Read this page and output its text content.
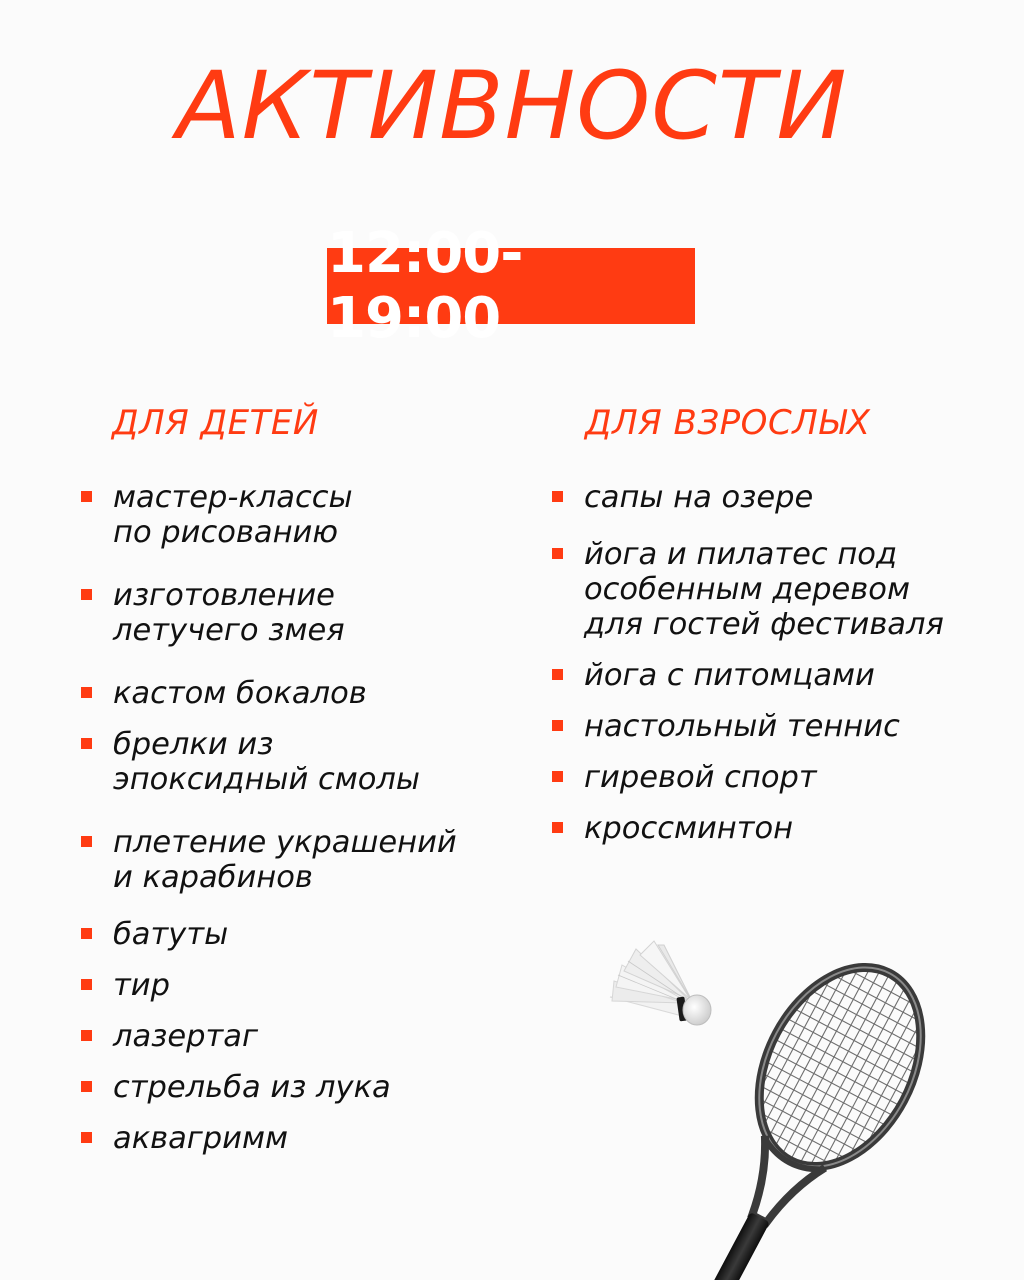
АКТИВНОСТИ
12:00-19:00
ДЛЯ ДЕТЕЙ	ДЛЯ ВЗРОСЛЫХ
мастер-классы
по рисованию
изготовление
летучего змея
кастом бокалов
брелки из
эпоксидный смолы
плетение украшений
и карабинов
батуты
тир
лазертаг
стрельба из лука
аквагримм
сапы на озере
йога и пилатес под
особенным деревом
для гостей фестиваля
йога с питомцами
настольный теннис
гиревой спорт
кроссминтон
